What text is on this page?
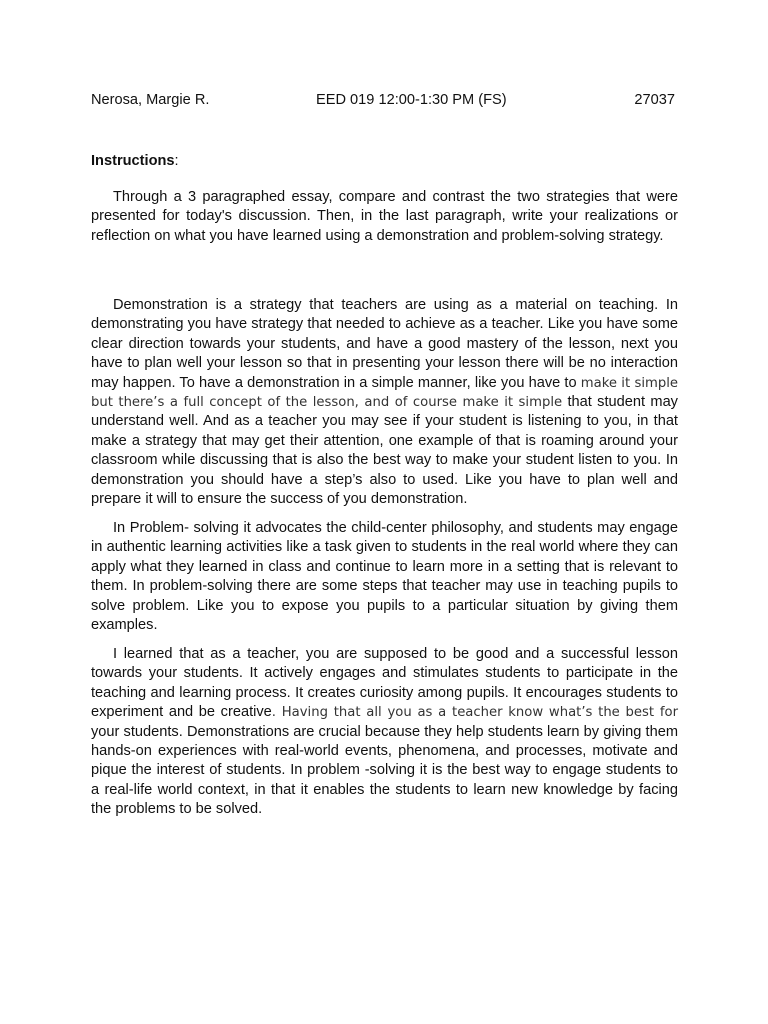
Nerosa, Margie R.	EED 019 12:00-1:30 PM (FS)	27037
Instructions:

Through a 3 paragraphed essay, compare and contrast the two strategies that were presented for today's discussion. Then, in the last paragraph, write your realizations or reflection on what you have learned using a demonstration and problem-solving strategy.

Demonstration is a strategy that teachers are using as a material on teaching. In demonstrating you have strategy that needed to achieve as a teacher. Like you have some clear direction towards your students, and have a good mastery of the lesson, next you have to plan well your lesson so that in presenting your lesson there will be no interaction may happen. To have a demonstration in a simple manner, like you have to make it simple but there’s a full concept of the lesson, and of course make it simple that student may understand well. And as a teacher you may see if your student is listening to you, in that make a strategy that may get their attention, one example of that is roaming around your classroom while discussing that is also the best way to make your student listen to you. In demonstration you should have a step’s also to used. Like you have to plan well and prepare it will to ensure the success of you demonstration.

In Problem- solving it advocates the child-center philosophy, and students may engage in authentic learning activities like a task given to students in the real world where they can apply what they learned in class and continue to learn more in a setting that is relevant to them. In problem-solving there are some steps that teacher may use in teaching pupils to solve problem. Like you to expose you pupils to a particular situation by giving them examples.

I learned that as a teacher, you are supposed to be good and a successful lesson towards your students. It actively engages and stimulates students to participate in the teaching and learning process. It creates curiosity among pupils. It encourages students to experiment and be creative. Having that all you as a teacher know what’s the best for your students. Demonstrations are crucial because they help students learn by giving them hands-on experiences with real-world events, phenomena, and processes, motivate and pique the interest of students. In problem -solving it is the best way to engage students to a real-life world context, in that it enables the students to learn new knowledge by facing the problems to be solved.
